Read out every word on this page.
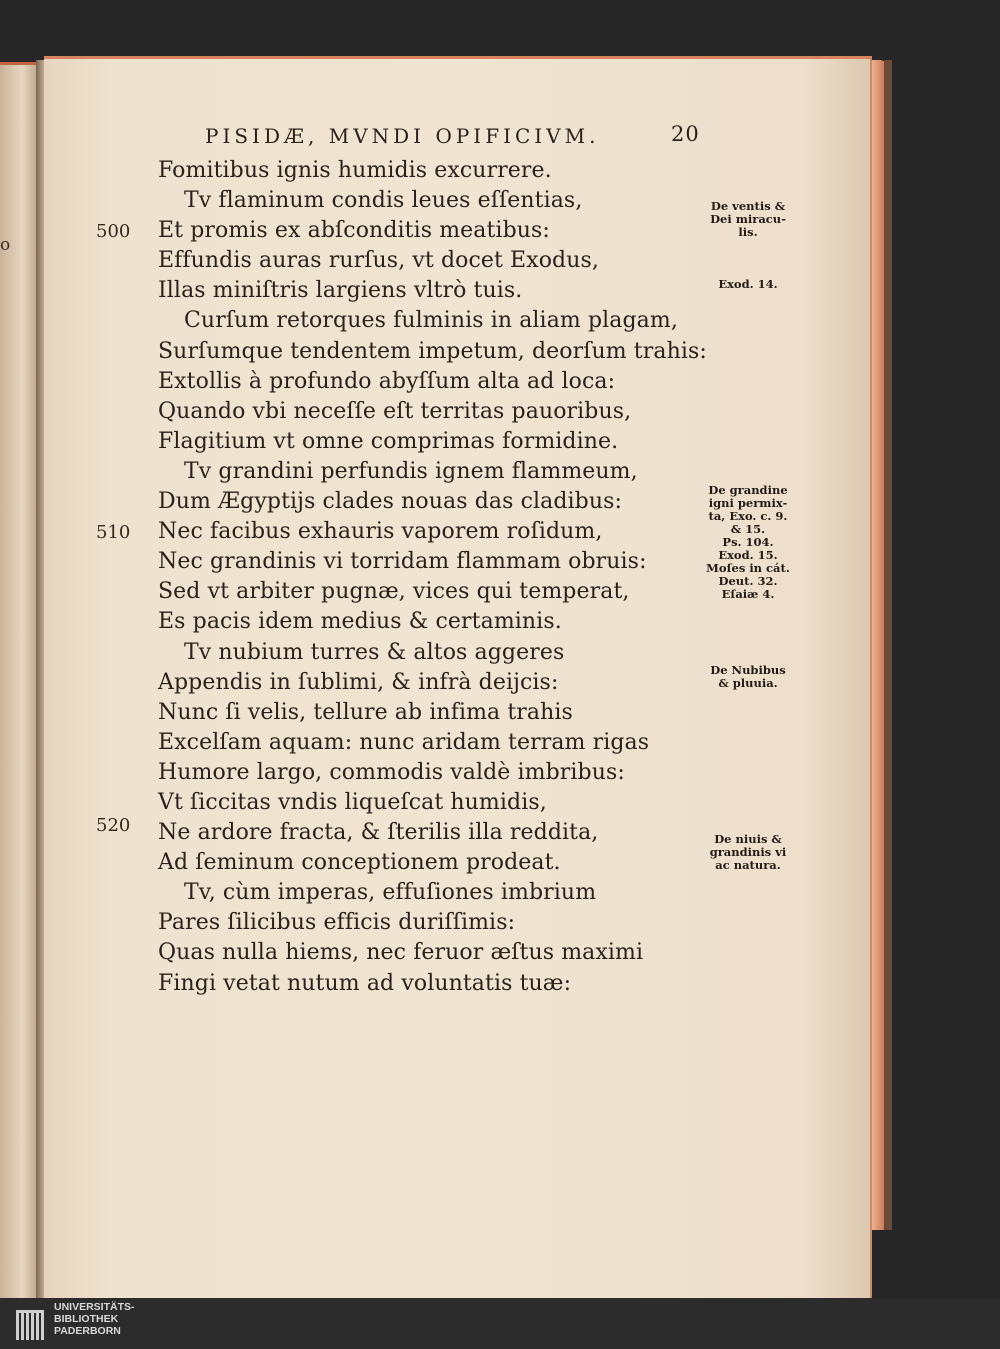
o
PISIDÆ, MVNDI OPIFICIVM.	20
500
510
520
Fomitibus ignis humidis excurrere.
Tv flaminum condis leues eſſentias,
Et promis ex abſconditis meatibus:
Effundis auras rurſus, vt docet Exodus,
Illas miniſtris largiens vltrò tuis.
Curſum retorques fulminis in aliam plagam,
Surſumque tendentem impetum, deorſum trahis:
Extollis à profundo abyſſum alta ad loca:
Quando vbi neceſſe eſt territas pauoribus,
Flagitium vt omne comprimas formidine.
Tv grandini perfundis ignem flammeum,
Dum Ægyptijs clades nouas das cladibus:
Nec facibus exhauris vaporem roſidum,
Nec grandinis vi torridam flammam obruis:
Sed vt arbiter pugnæ, vices qui temperat,
Es pacis idem medius & certaminis.
Tv nubium turres & altos aggeres
Appendis in ſublimi, & infrà deijcis:
Nunc ſi velis, tellure ab infima trahis
Excelſam aquam: nunc aridam terram rigas
Humore largo, commodis valdè imbribus:
Vt ſiccitas vndis liqueſcat humidis,
Ne ardore fracta, & ſterilis illa reddita,
Ad ſeminum conceptionem prodeat.
Tv, cùm imperas, effuſiones imbrium
Pares ſilicibus efficis duriſſimis:
Quas nulla hiems, nec feruor æſtus maximi
Fingi vetat nutum ad voluntatis tuæ:
De ventis &
Dei miracu-
lis.
Exod. 14.
De grandine
igni permix-
ta, Exo. c. 9.
& 15.
Ps. 104.
Exod. 15.
Moſes in cát.
Deut. 32.
Eſaiæ 4.
De Nubibus
& pluuia.
De niuis &
grandinis vi
ac natura.
UNIVERSITÄTS-
BIBLIOTHEK
PADERBORN
